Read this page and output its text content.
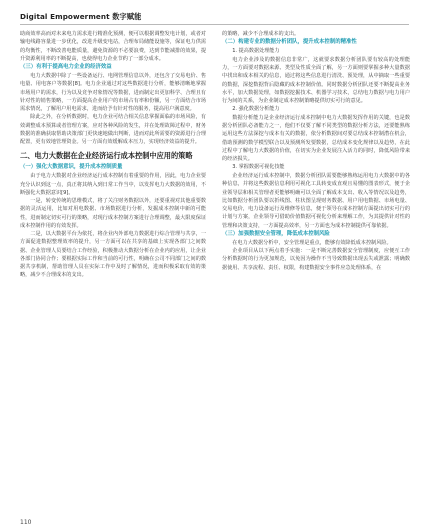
Digital Empowerment 数字赋能

助商效率高而对未来电力需求进行精准化预测，便可以根据调整发电计划，或者对输电线路容量进一步优化，改进升级变电站，合理布局储能设施等，保证电力供需的均衡性，不断改善电能质量，避免资源的不必要浪费，达到节能减排的效果，提升资源利用率的不断提高，也使得电力企业节约了一部分成本。

（三）有利于提高电力企业的经济效益

电力大数据中除了一些设备运行、电网管理信息以外，还包含了交易电价、售电量、用电客户等数据[8]。电力企业通过对这些数据进行分析，能够清晰地掌握市场用户的需求，行为以及竞争对象情况等数据，进而制定出更加科学、合理且有针对性的销售策略，一方面提高企业用户的市场占有率和份额，另一方面结合市场需求情况，了解用户用电需求，进而给予有针对性的服务，提高用户满意度。

除此之外，在分析数据时，电力企业可结合相关信息掌握面临的市场风险，有效调整成本预算或者管理方案，应对各种风险的发生，并在处理故障过程中，财务数据的准确获取帮助决策部门更快速地做出判断，进而对此所需要的资源进行合理配置，更有效地管理资金。另一方面有效缓解成本压力，实现经济效益的提升。

二、电力大数据在企业经济运行成本控制中应用的策略

（一）强化大数据意识，提升成本控制质量

由于电力大数据对企业经济运行成本控制有着重要的作用，因此，电力企业要充分认识到这一点，真正将其纳入到日常工作当中，以发挥电力大数据的效用，不断强化大数据意识[9]。

一是，转变传统的思维模式，将了关注财务数据以外，还要重视对其他重要数据的灵活运用，比如对用电数据、市场数据进行分析，发掘成本控制中新的可能性，进而制定切实可行的策略，对现行成本控制方案进行合理调整，最大限度保证成本控制作用的有效发挥。

二是，以大数据平台为依托，将企业内外部电力数据进行综合管理与共享，一方面促进数据整理效率的提升，另一方面可以在共享的基础上实现各部门之间数据、企业管理人员要结合工作经验，积极推动大数据分析在企业内的应用，让企业各部门协同合作；要根据实际工作和当前的可行性，明确在公司不同部门之间的数据共享机制，帮助管理人员在实际工作中及时了解情况，进而积极采取有效的策略，减少不合理成本的支出。

的策略，减少不合理成本的支出。

（二）构建专业的数据分析团队，提升成本控制的精准性

1. 提高数据处理能力

电力企业涉及的数据信息非常广，这就要求数据分析团队要有较高的处理能力，一方面要对数据来源、类型及性质全面了解，另一方面则要掌握多种大量数据中找出和成本相关的信息，通过将这些信息进行清洗、预处理，从中摘取一些重要的数据，深挖数据背后隐藏的成本控制价值。同时数据分析团队还要不断提高业务水平，加大数据处理，如数据挖掘技术、机器学习技术，总结电力数据与电力用户行为间的关系，为企业制定成本控制策略提供切实可行的意见。

2. 强化数据分析能力

数据分析能力是企业经济运行成本控制中电力大数据发挥作用的关键，也是数据分析团队必备能力之一，他们不仅要了解不同类型的数据分析方法，还要能熟练运用这些方法深挖与成本有关的数据，依分析数据间对要总结成本控制潜在机会，借助预测的数学模型联合以及预测所发要数据，总结成本变化规律以及趋势，在此过程中了解电力大数据的价值，在切实为企业发展注入活力的同时，降低风险带来的经济损失。

3. 掌握数据可视化技能

企业经济运行成本控制中，数据分析团队需要能够熟练运用电力大数据中的各种信息，并将这些数据信息利用可视化工具转变成直观且易懂的图表形式，便于企业领导层和相关管理者更能够明确可以全面了解成本支出、收入等情况以及趋势，比如数据分析团队要以折线图、柱状图呈现财务数据、用户用电数据、市场电量、交易电价，电力设备运行及维修等信息，便于领导在成本控制方面提出切实可行的计划与方案，企业领导可借助价值数据可视化分析来理解工作，为其提供针对性的管理和决策支持，一方面提高效率，另一方面也为成本控制提供可靠依据。

（三）加强数据安全管理，降低成本控制风险

在电力大数据分析中，安全管理是重点，能够有效降低成本控制风险。

企业项目从以下两点着手实施：一是不断完善数据安全管理制度，应便互工作分析数据时的行为更加规范，以免因为操作不当导致数据出现丢失或泄露；明确数据使用、共享流程、责任、权限，构建数据安全事件应急处理体系，在

110
